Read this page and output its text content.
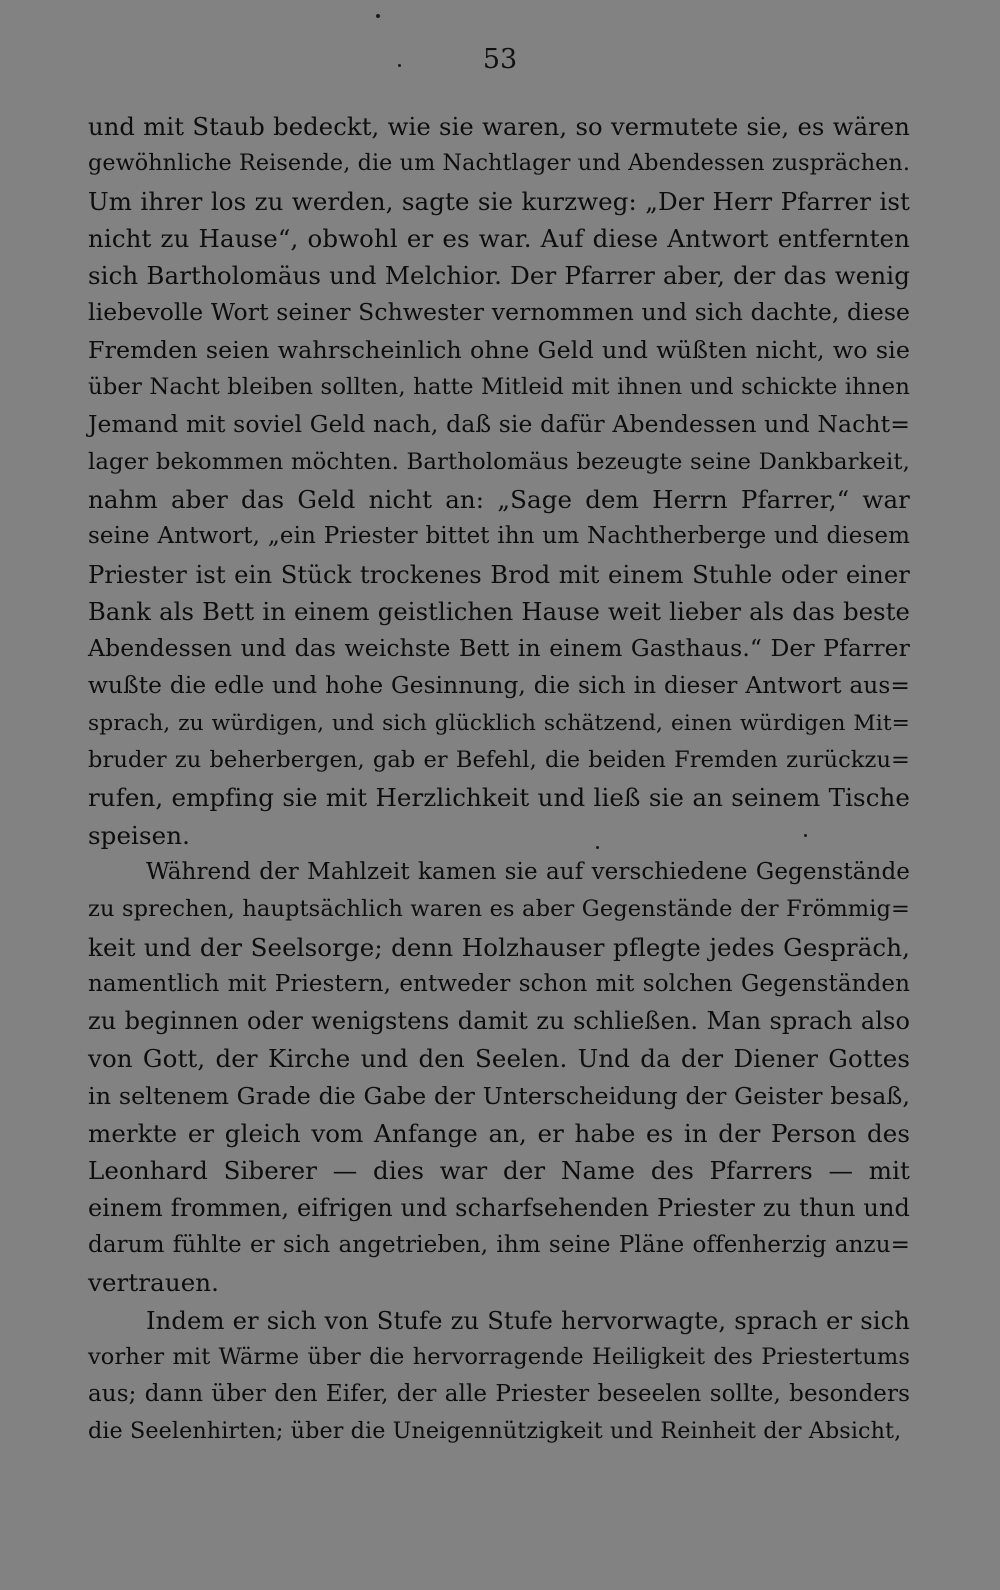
53
und mit Staub bedeckt, wie sie waren, so vermutete sie, es wären
gewöhnliche Reisende, die um Nachtlager und Abendessen zusprächen.
Um ihrer los zu werden, sagte sie kurzweg: „Der Herr Pfarrer ist
nicht zu Hause“, obwohl er es war. Auf diese Antwort entfernten
sich Bartholomäus und Melchior. Der Pfarrer aber, der das wenig
liebevolle Wort seiner Schwester vernommen und sich dachte, diese
Fremden seien wahrscheinlich ohne Geld und wüßten nicht, wo sie
über Nacht bleiben sollten, hatte Mitleid mit ihnen und schickte ihnen
Jemand mit soviel Geld nach, daß sie dafür Abendessen und Nacht=
lager bekommen möchten. Bartholomäus bezeugte seine Dankbarkeit,
nahm aber das Geld nicht an: „Sage dem Herrn Pfarrer,“ war
seine Antwort, „ein Priester bittet ihn um Nachtherberge und diesem
Priester ist ein Stück trockenes Brod mit einem Stuhle oder einer
Bank als Bett in einem geistlichen Hause weit lieber als das beste
Abendessen und das weichste Bett in einem Gasthaus.“ Der Pfarrer
wußte die edle und hohe Gesinnung, die sich in dieser Antwort aus=
sprach, zu würdigen, und sich glücklich schätzend, einen würdigen Mit=
bruder zu beherbergen, gab er Befehl, die beiden Fremden zurückzu=
rufen, empfing sie mit Herzlichkeit und ließ sie an seinem Tische
speisen.
Während der Mahlzeit kamen sie auf verschiedene Gegenstände
zu sprechen, hauptsächlich waren es aber Gegenstände der Frömmig=
keit und der Seelsorge; denn Holzhauser pflegte jedes Gespräch,
namentlich mit Priestern, entweder schon mit solchen Gegenständen
zu beginnen oder wenigstens damit zu schließen. Man sprach also
von Gott, der Kirche und den Seelen. Und da der Diener Gottes
in seltenem Grade die Gabe der Unterscheidung der Geister besaß,
merkte er gleich vom Anfange an, er habe es in der Person des
Leonhard Siberer — dies war der Name des Pfarrers — mit
einem frommen, eifrigen und scharfsehenden Priester zu thun und
darum fühlte er sich angetrieben, ihm seine Pläne offenherzig anzu=
vertrauen.
Indem er sich von Stufe zu Stufe hervorwagte, sprach er sich
vorher mit Wärme über die hervorragende Heiligkeit des Priestertums
aus; dann über den Eifer, der alle Priester beseelen sollte, besonders
die Seelenhirten; über die Uneigennützigkeit und Reinheit der Absicht,
